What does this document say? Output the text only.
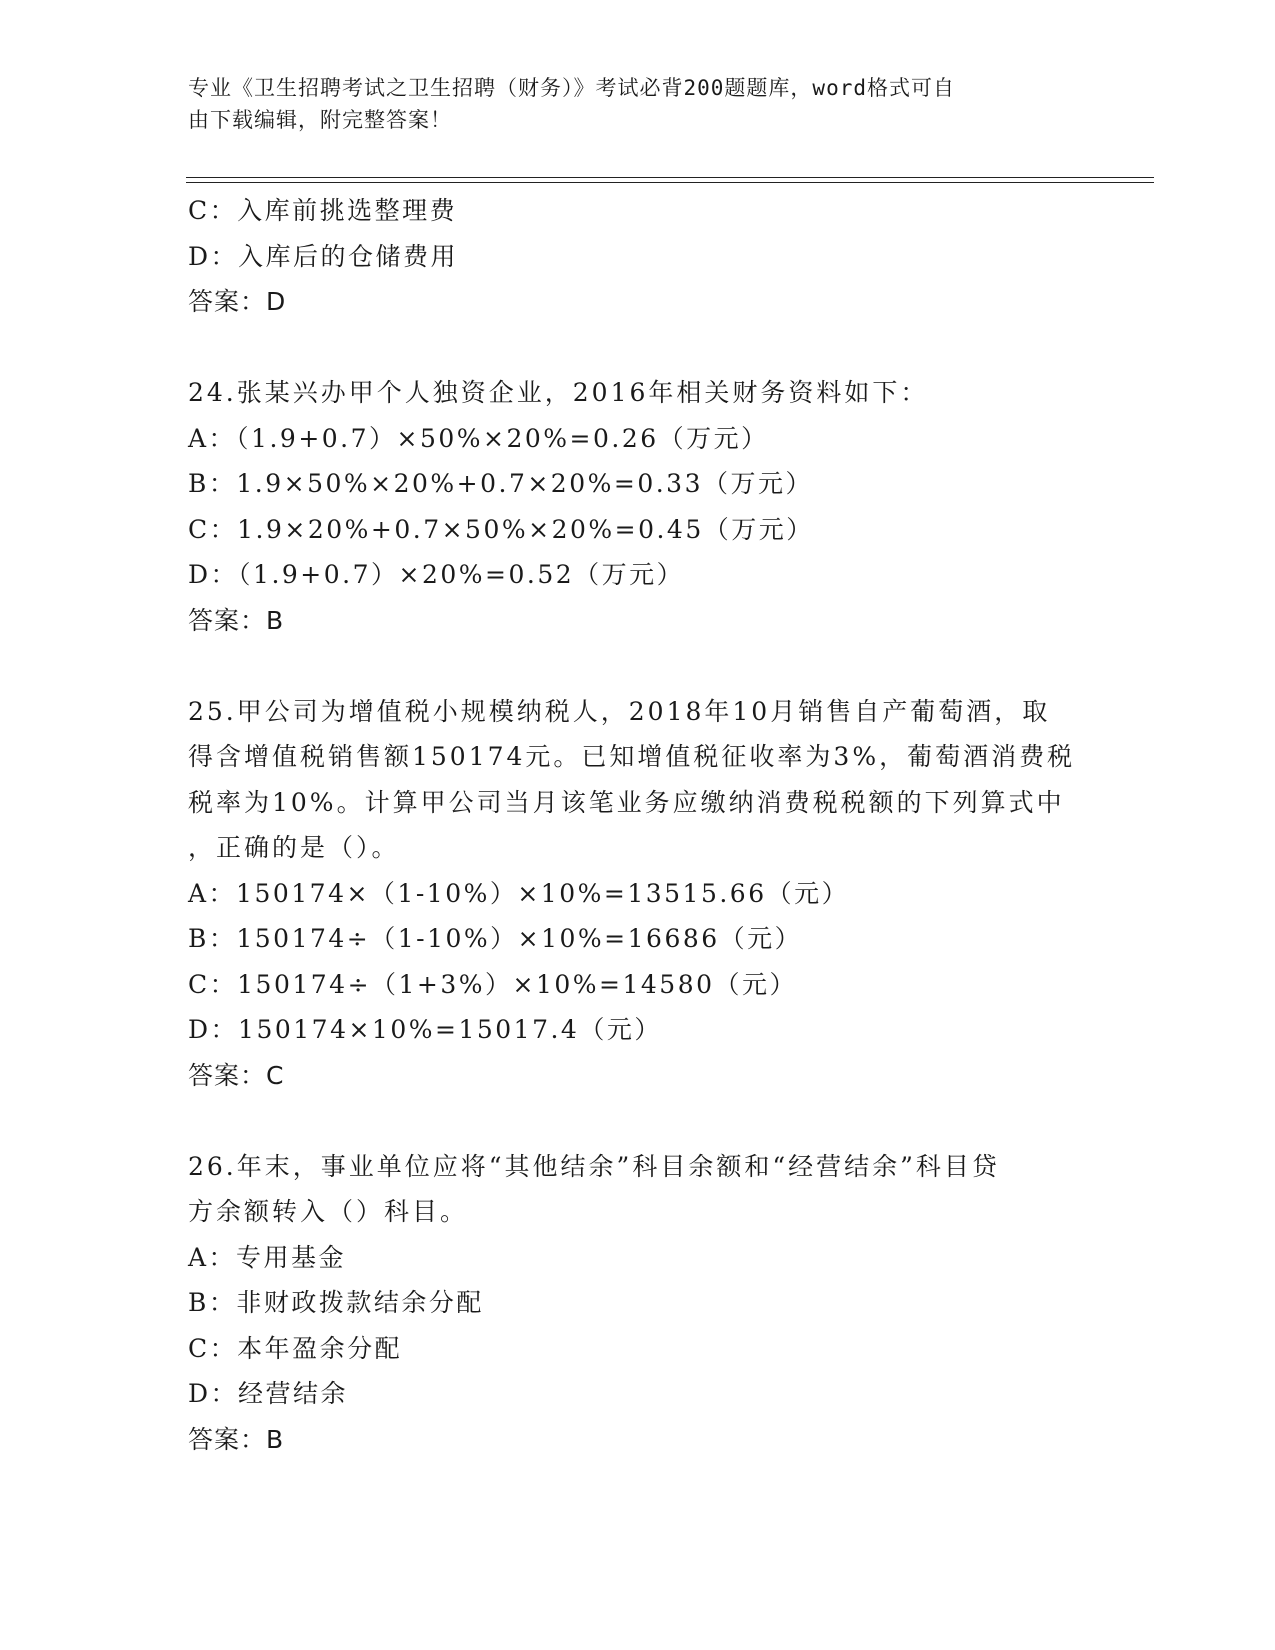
专业《卫生招聘考试之卫生招聘（财务）》考试必背200题题库，word格式可自
由下载编辑，附完整答案！
C：入库前挑选整理费
D：入库后的仓储费用
答案：D
24.张某兴办甲个人独资企业，2016年相关财务资料如下：
A：（1.9+0.7）×50%×20%=0.26（万元）
B：1.9×50%×20%+0.7×20%=0.33（万元）
C：1.9×20%+0.7×50%×20%=0.45（万元）
D：（1.9+0.7）×20%=0.52（万元）
答案：B
25.甲公司为增值税小规模纳税人，2018年10月销售自产葡萄酒，取
得含增值税销售额150174元。已知增值税征收率为3%，葡萄酒消费税
税率为10%。计算甲公司当月该笔业务应缴纳消费税税额的下列算式中
，正确的是（）。
A：150174×（1-10%）×10%=13515.66（元）
B：150174÷（1-10%）×10%=16686（元）
C：150174÷（1+3%）×10%=14580（元）
D：150174×10%=15017.4（元）
答案：C
26.年末，事业单位应将“其他结余”科目余额和“经营结余”科目贷
方余额转入（）科目。
A：专用基金
B：非财政拨款结余分配
C：本年盈余分配
D：经营结余
答案：B
